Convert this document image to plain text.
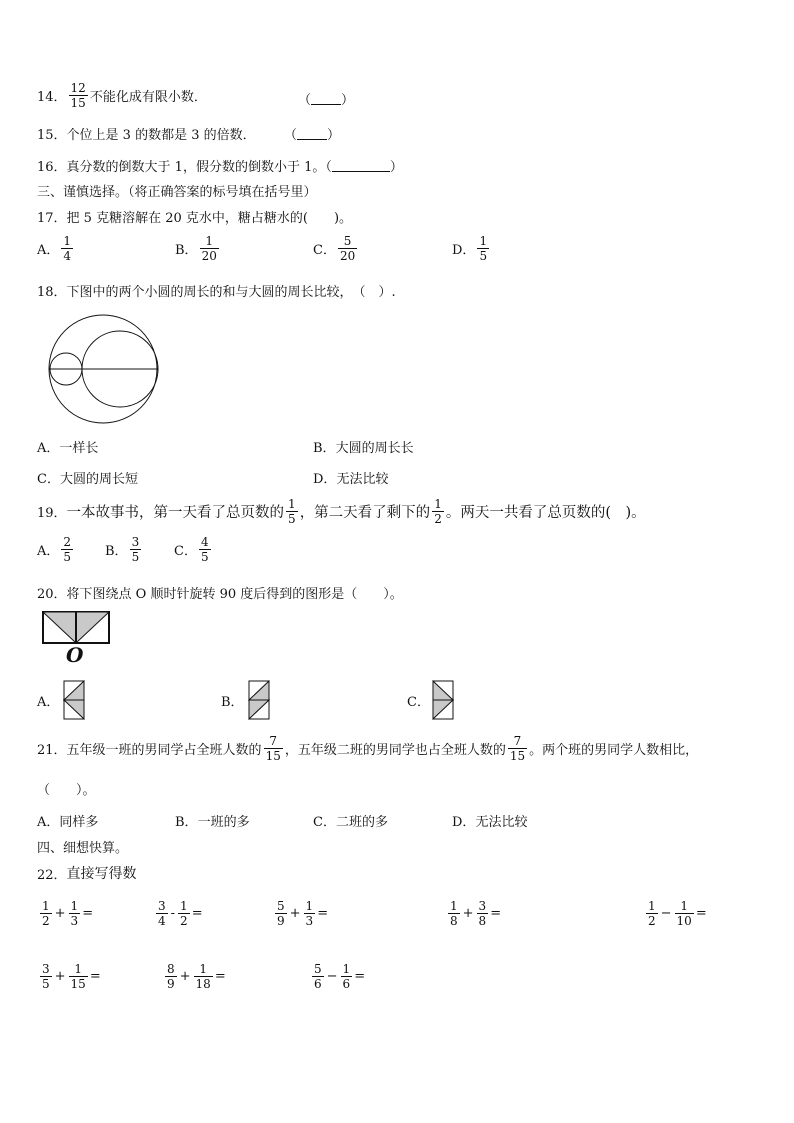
14． $\frac{12}{15}$ 不能化成有限小数．	（ ）
15． 个位上是 3 的数都是 3 的倍数． （ ）
16． 真分数的倒数大于 1，假分数的倒数小于 1。（	）
三、谨慎选择。（将正确答案的标号填在括号里）
17． 把 5 克糖溶解在 20 克水中，糖占糖水的(　　)。
A． $\frac{1}{4}$	B． $\frac{1}{20}$	C． $\frac{5}{20}$	D． $\frac{1}{5}$
18． 下图中的两个小圆的周长的和与大圆的周长比较，　（　）.
A． 一样长	B． 大圆的周长长
C． 大圆的周长短	D． 无法比较
19． 一本故事书，第一天看了总页数的 $\frac{1}{5}$ ，第二天看了剩下的 $\frac{1}{2}$ 。两天一共看了总页数的(　)。
A． $\frac{2}{5}$ B． $\frac{3}{5}$	C． $\frac{4}{5}$
20． 将下图绕点 O 顺时针旋转 90 度后得到的图形是（　　）。
O
A．	B．	C．
21． 五年级一班的男同学占全班人数的 $\frac{7}{15}$ ，五年级二班的男同学也占全班人数的 $\frac{7}{15}$ 。两个班的男同学人数相比，
（　　）。
A． 同样多	B． 一班的多	C． 二班的多	D． 无法比较
四、细想快算。
22． 直接写得数
$\frac{1}{2} + \frac{1}{3}$ =	$\frac{3}{4} - \frac{1}{2}$ =	$\frac{5}{9} + \frac{1}{3}$ =	$\frac{1}{8} + \frac{3}{8}$ =	$\frac{1}{2} - \frac{1}{10}$ =
$\frac{3}{5} + \frac{1}{15}$ =	$\frac{8}{9} + \frac{1}{18}$ =	$\frac{5}{6} - \frac{1}{6}$ =
